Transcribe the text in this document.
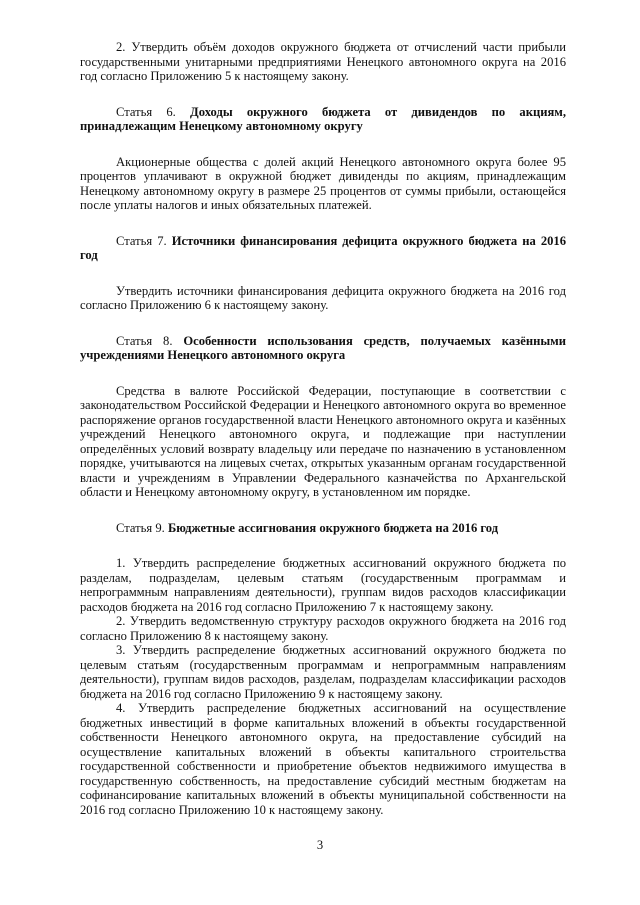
2. Утвердить объём доходов окружного бюджета от отчислений части прибыли государственными унитарными предприятиями Ненецкого автономного округа на 2016 год согласно Приложению 5 к настоящему закону.

Статья 6. Доходы окружного бюджета от дивидендов по акциям, принадлежащим Ненецкому автономному округу

Акционерные общества с долей акций Ненецкого автономного округа более 95 процентов уплачивают в окружной бюджет дивиденды по акциям, принадлежащим Ненецкому автономному округу в размере 25 процентов от суммы прибыли, остающейся после уплаты налогов и иных обязательных платежей.

Статья 7. Источники финансирования дефицита окружного бюджета на 2016 год

Утвердить источники финансирования дефицита окружного бюджета на 2016 год согласно Приложению 6 к настоящему закону.

Статья 8. Особенности использования средств, получаемых казёнными учреждениями Ненецкого автономного округа

Средства в валюте Российской Федерации, поступающие в соответствии с законодательством Российской Федерации и Ненецкого автономного округа во временное распоряжение органов государственной власти Ненецкого автономного округа и казённых учреждений Ненецкого автономного округа, и подлежащие при наступлении определённых условий возврату владельцу или передаче по назначению в установленном порядке, учитываются на лицевых счетах, открытых указанным органам государственной власти и учреждениям в Управлении Федерального казначейства по Архангельской области и Ненецкому автономному округу, в установленном им порядке.

Статья 9. Бюджетные ассигнования окружного бюджета на 2016 год

1. Утвердить распределение бюджетных ассигнований окружного бюджета по разделам, подразделам, целевым статьям (государственным программам и непрограммным направлениям деятельности), группам видов расходов классификации расходов бюджета на 2016 год согласно Приложению 7 к настоящему закону.

2. Утвердить ведомственную структуру расходов окружного бюджета на 2016 год согласно Приложению 8 к настоящему закону.

3. Утвердить распределение бюджетных ассигнований окружного бюджета по целевым статьям (государственным программам и непрограммным направлениям деятельности), группам видов расходов, разделам, подразделам классификации расходов бюджета на 2016 год согласно Приложению 9 к настоящему закону.

4. Утвердить распределение бюджетных ассигнований на осуществление бюджетных инвестиций в форме капитальных вложений в объекты государственной собственности Ненецкого автономного округа, на предоставление субсидий на осуществление капитальных вложений в объекты капитального строительства государственной собственности и приобретение объектов недвижимого имущества в государственную собственность, на предоставление субсидий местным бюджетам на софинансирование капитальных вложений в объекты муниципальной собственности на 2016 год согласно Приложению 10 к настоящему закону.

3
